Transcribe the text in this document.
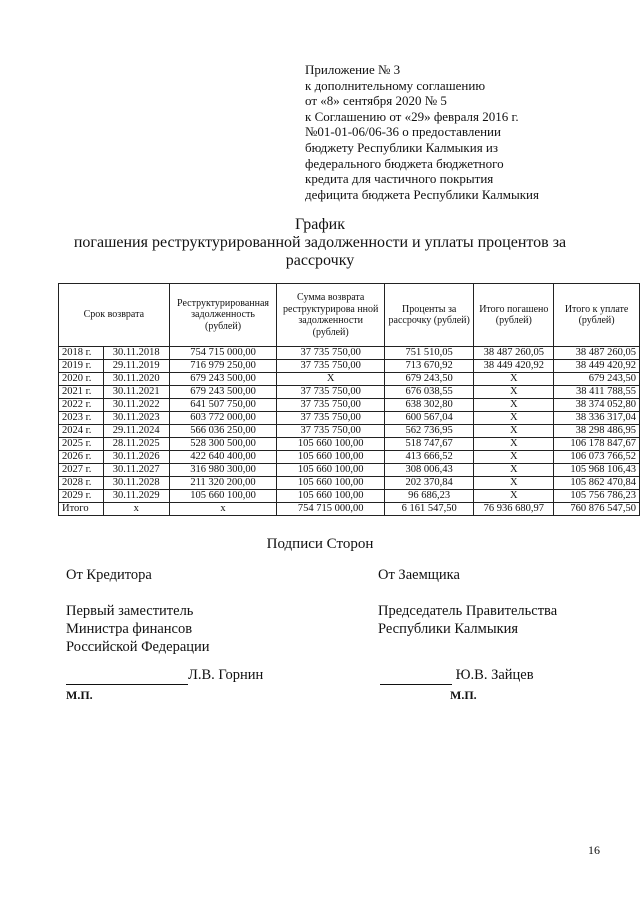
Приложение № 3
к дополнительному соглашению
от «8» сентября 2020 № 5
к Соглашению от «29» февраля 2016 г.
№01-01-06/06-36 о предоставлении
бюджету Республики Калмыкия из
федерального бюджета бюджетного
кредита для частичного покрытия
дефицита бюджета Республики Калмыкия
График
погашения реструктурированной задолженности и уплаты процентов за
рассрочку
Срок возврата		Реструктурированная задолженность (рублей)	Сумма возврата реструктурирова нной задолженности (рублей)	Проценты за рассрочку (рублей)	Итого погашено (рублей)	Итого к уплате (рублей)
2018 г.	30.11.2018	754 715 000,00	37 735 750,00	751 510,05	38 487 260,05	38 487 260,05
2019 г.	29.11.2019	716 979 250,00	37 735 750,00	713 670,92	38 449 420,92	38 449 420,92
2020 г.	30.11.2020	679 243 500,00	Х	679 243,50	Х	679 243,50
2021 г.	30.11.2021	679 243 500,00	37 735 750,00	676 038,55	Х	38 411 788,55
2022 г.	30.11.2022	641 507 750,00	37 735 750,00	638 302,80	Х	38 374 052,80
2023 г.	30.11.2023	603 772 000,00	37 735 750,00	600 567,04	Х	38 336 317,04
2024 г.	29.11.2024	566 036 250,00	37 735 750,00	562 736,95	Х	38 298 486,95
2025 г.	28.11.2025	528 300 500,00	105 660 100,00	518 747,67	Х	106 178 847,67
2026 г.	30.11.2026	422 640 400,00	105 660 100,00	413 666,52	Х	106 073 766,52
2027 г.	30.11.2027	316 980 300,00	105 660 100,00	308 006,43	Х	105 968 106,43
2028 г.	30.11.2028	211 320 200,00	105 660 100,00	202 370,84	Х	105 862 470,84
2029 г.	30.11.2029	105 660 100,00	105 660 100,00	96 686,23	Х	105 756 786,23
Итого	х	х	754 715 000,00	6 161 547,50	76 936 680,97	760 876 547,50
Подписи Сторон
От Кредитора
Первый заместитель
Министра финансов
Российской Федерации
Л.В. Горнин
М.П.
От Заемщика
Председатель Правительства
Республики Калмыкия
Ю.В. Зайцев
М.П.
16
